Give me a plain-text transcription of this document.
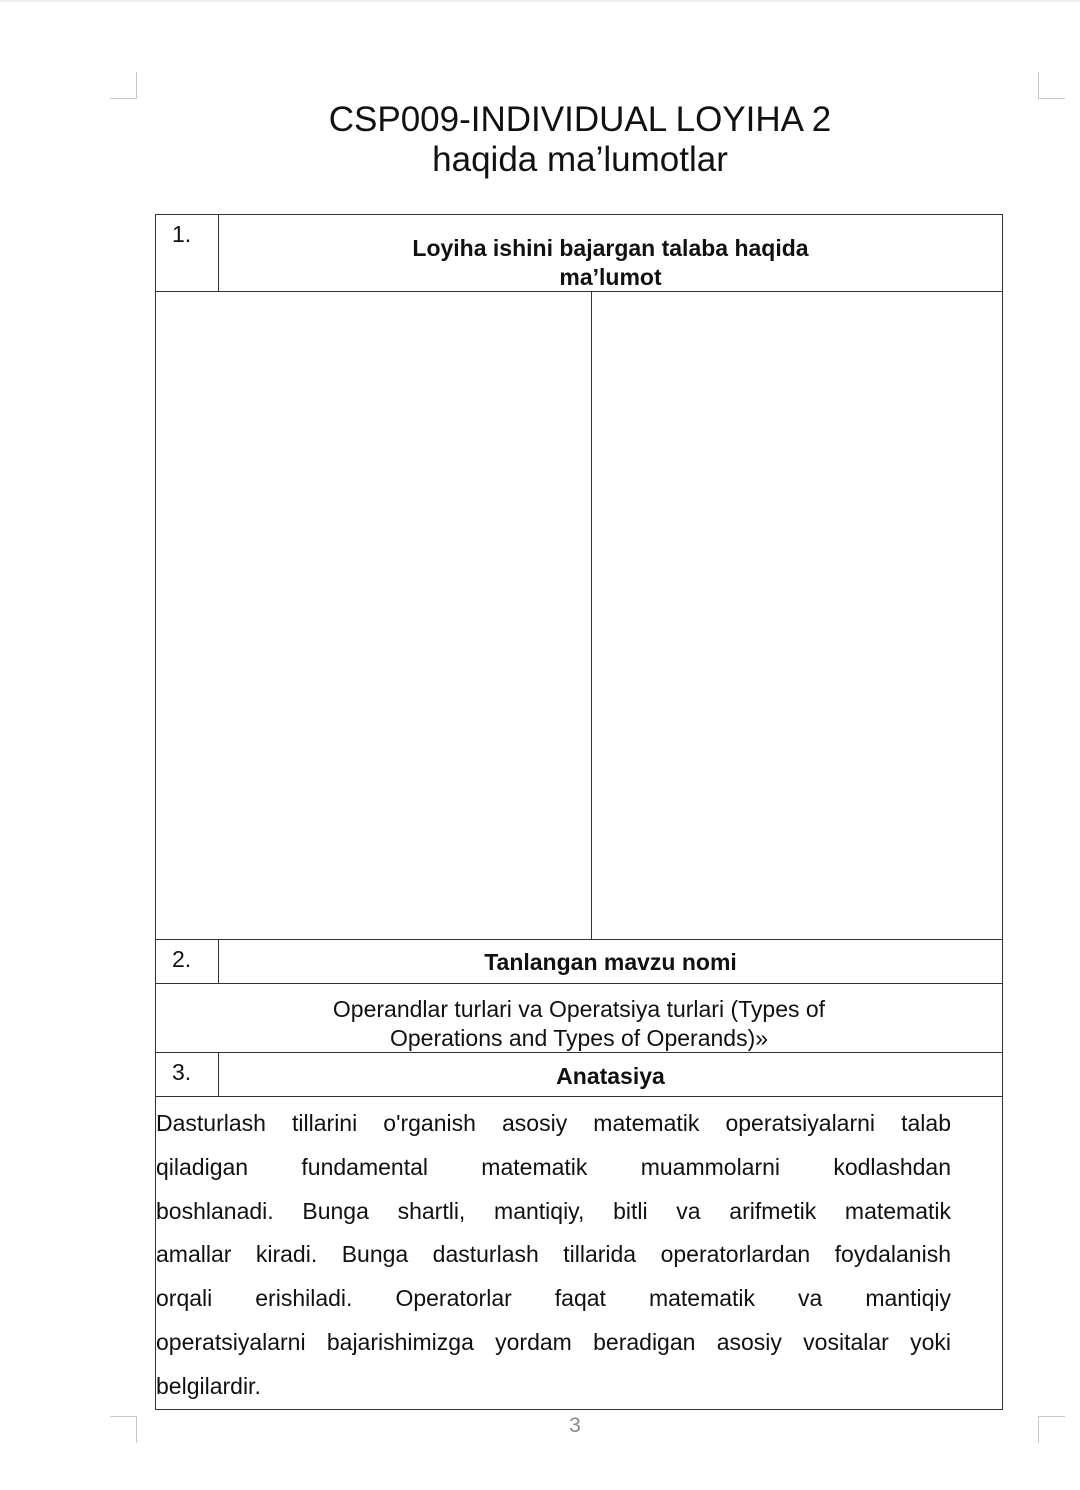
CSP009-INDIVIDUAL LOYIHA 2
haqida ma’lumotlar
1.
Loyiha ishini bajargan talaba haqida
ma’lumot
2.	Tanlangan mavzu nomi
Operandlar turlari va Operatsiya turlari (Types of
Operations and Types of Operands)»
3.	Anatasiya
Dasturlash tillarini o'rganish asosiy matematik operatsiyalarni talab
qiladigan fundamental matematik muammolarni kodlashdan
boshlanadi. Bunga shartli, mantiqiy, bitli va arifmetik matematik
amallar kiradi. Bunga dasturlash tillarida operatorlardan foydalanish
orqali erishiladi. Operatorlar faqat matematik va mantiqiy
operatsiyalarni bajarishimizga yordam beradigan asosiy vositalar yoki
belgilardir.
3
